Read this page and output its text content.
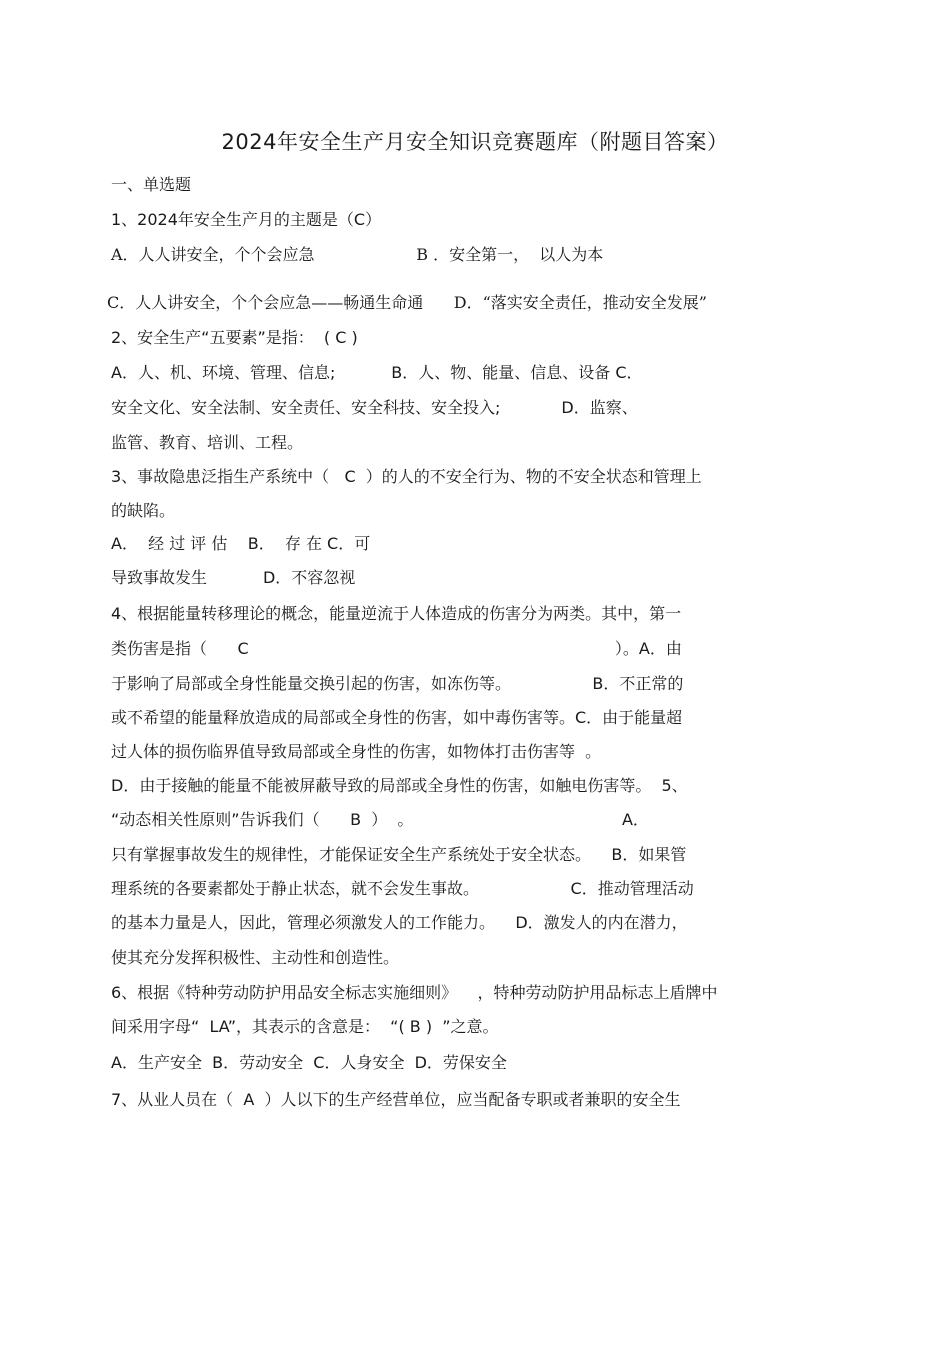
2024年安全生产月安全知识竞赛题库（附题目答案）
一、单选题
1、2024年安全生产月的主题是（C）
A．人人讲安全，个个会应急                    B ．安全第一，  以人为本
C．人人讲安全，个个会应急——畅通生命通      D．“落实安全责任，推动安全发展”
2、安全生产“五要素”是指：  ( C )
A．人、机、环境、管理、信息;           B．人、物、能量、信息、设备 C．
安全文化、安全法制、安全责任、安全科技、安全投入;            D．监察、
监管、教育、培训、工程。
3、事故隐患泛指生产系统中（   C  ）的人的不安全行为、物的不安全状态和管理上
的缺陷。
A．  经 过 评 估    B．  存 在 C．可
导致事故发生           D．不容忽视
4、根据能量转移理论的概念，能量逆流于人体造成的伤害分为两类。其中，第一
类伤害是指（      C                                                                        ）。A．由
于影响了局部或全身性能量交换引起的伤害，如冻伤等。                B．不正常的
或不希望的能量释放造成的局部或全身性的伤害，如中毒伤害等。C．由于能量超
过人体的损伤临界值导致局部或全身性的伤害，如物体打击伤害等  。
D．由于接触的能量不能被屏蔽导致的局部或全身性的伤害，如触电伤害等。  5、
“动态相关性原则”告诉我们（      B  ）  。                                         A．
只有掌握事故发生的规律性，才能保证安全生产系统处于安全状态。    B．如果管
理系统的各要素都处于静止状态，就不会发生事故。                  C．推动管理活动
的基本力量是人，因此，管理必须激发人的工作能力。    D．激发人的内在潜力，
使其充分发挥积极性、主动性和创造性。
6、根据《特种劳动防护用品安全标志实施细则》    ，特种劳动防护用品标志上盾牌中
间采用字母“  LA”，其表示的含意是：  “( B )  ”之意。
A．生产安全  B．劳动安全  C．人身安全  D．劳保安全
7、从业人员在（  A  ）人以下的生产经营单位，应当配备专职或者兼职的安全生
